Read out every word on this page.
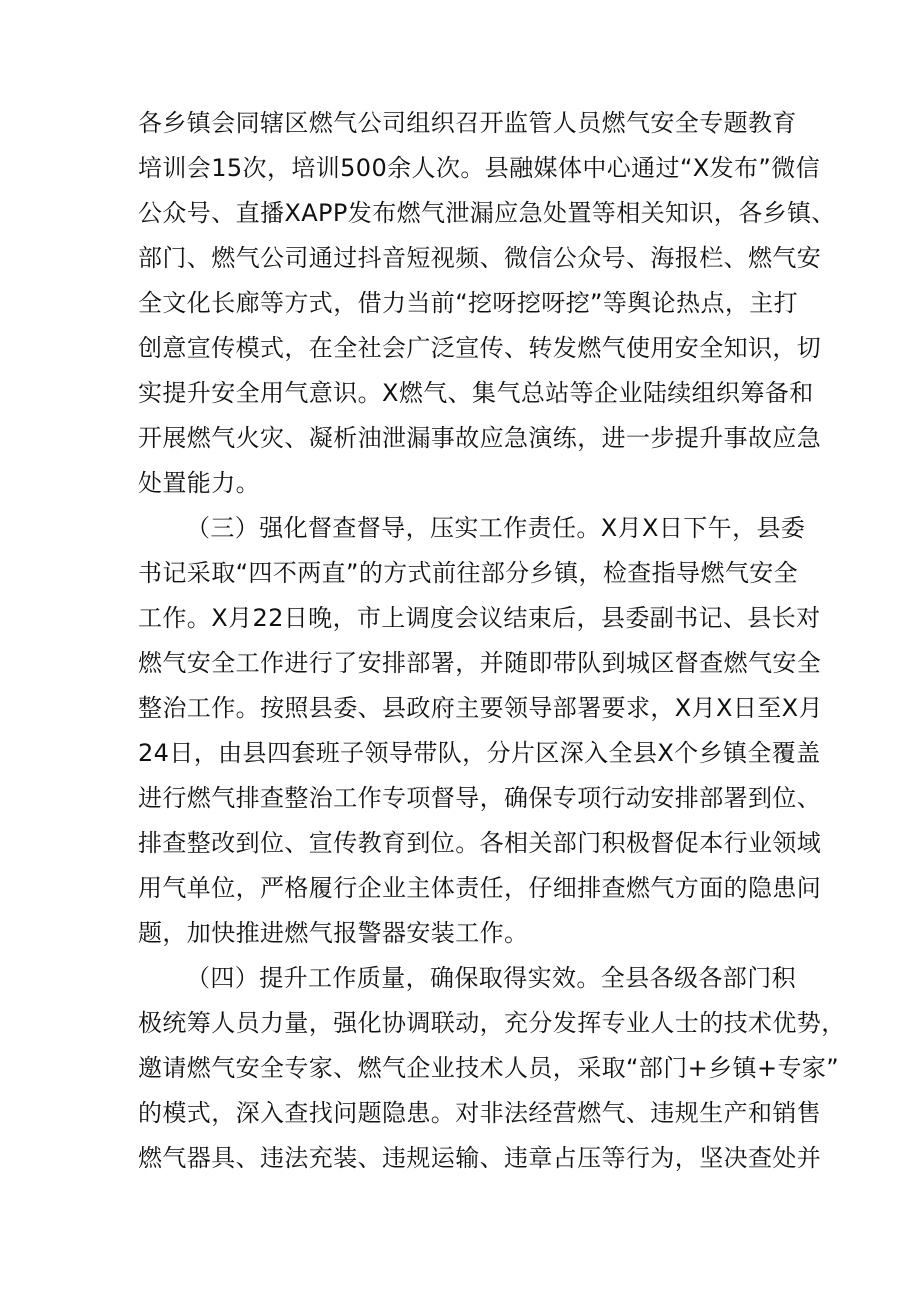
各乡镇会同辖区燃气公司组织召开监管人员燃气安全专题教育
培训会15次，培训500余人次。县融媒体中心通过“X发布”微信
公众号、直播XAPP发布燃气泄漏应急处置等相关知识，各乡镇、
部门、燃气公司通过抖音短视频、微信公众号、海报栏、燃气安
全文化长廊等方式，借力当前“挖呀挖呀挖”等舆论热点，主打
创意宣传模式，在全社会广泛宣传、转发燃气使用安全知识，切
实提升安全用气意识。X燃气、集气总站等企业陆续组织筹备和
开展燃气火灾、凝析油泄漏事故应急演练，进一步提升事故应急
处置能力。
（三）强化督查督导，压实工作责任。X月X日下午，县委
书记采取“四不两直”的方式前往部分乡镇，检查指导燃气安全
工作。X月22日晚，市上调度会议结束后，县委副书记、县长对
燃气安全工作进行了安排部署，并随即带队到城区督查燃气安全
整治工作。按照县委、县政府主要领导部署要求，X月X日至X月
24日，由县四套班子领导带队，分片区深入全县X个乡镇全覆盖
进行燃气排查整治工作专项督导，确保专项行动安排部署到位、
排查整改到位、宣传教育到位。各相关部门积极督促本行业领域
用气单位，严格履行企业主体责任，仔细排查燃气方面的隐患问
题，加快推进燃气报警器安装工作。
（四）提升工作质量，确保取得实效。全县各级各部门积
极统筹人员力量，强化协调联动，充分发挥专业人士的技术优势，
邀请燃气安全专家、燃气企业技术人员，采取“部门+乡镇+专家”
的模式，深入查找问题隐患。对非法经营燃气、违规生产和销售
燃气器具、违法充装、违规运输、违章占压等行为，坚决查处并
